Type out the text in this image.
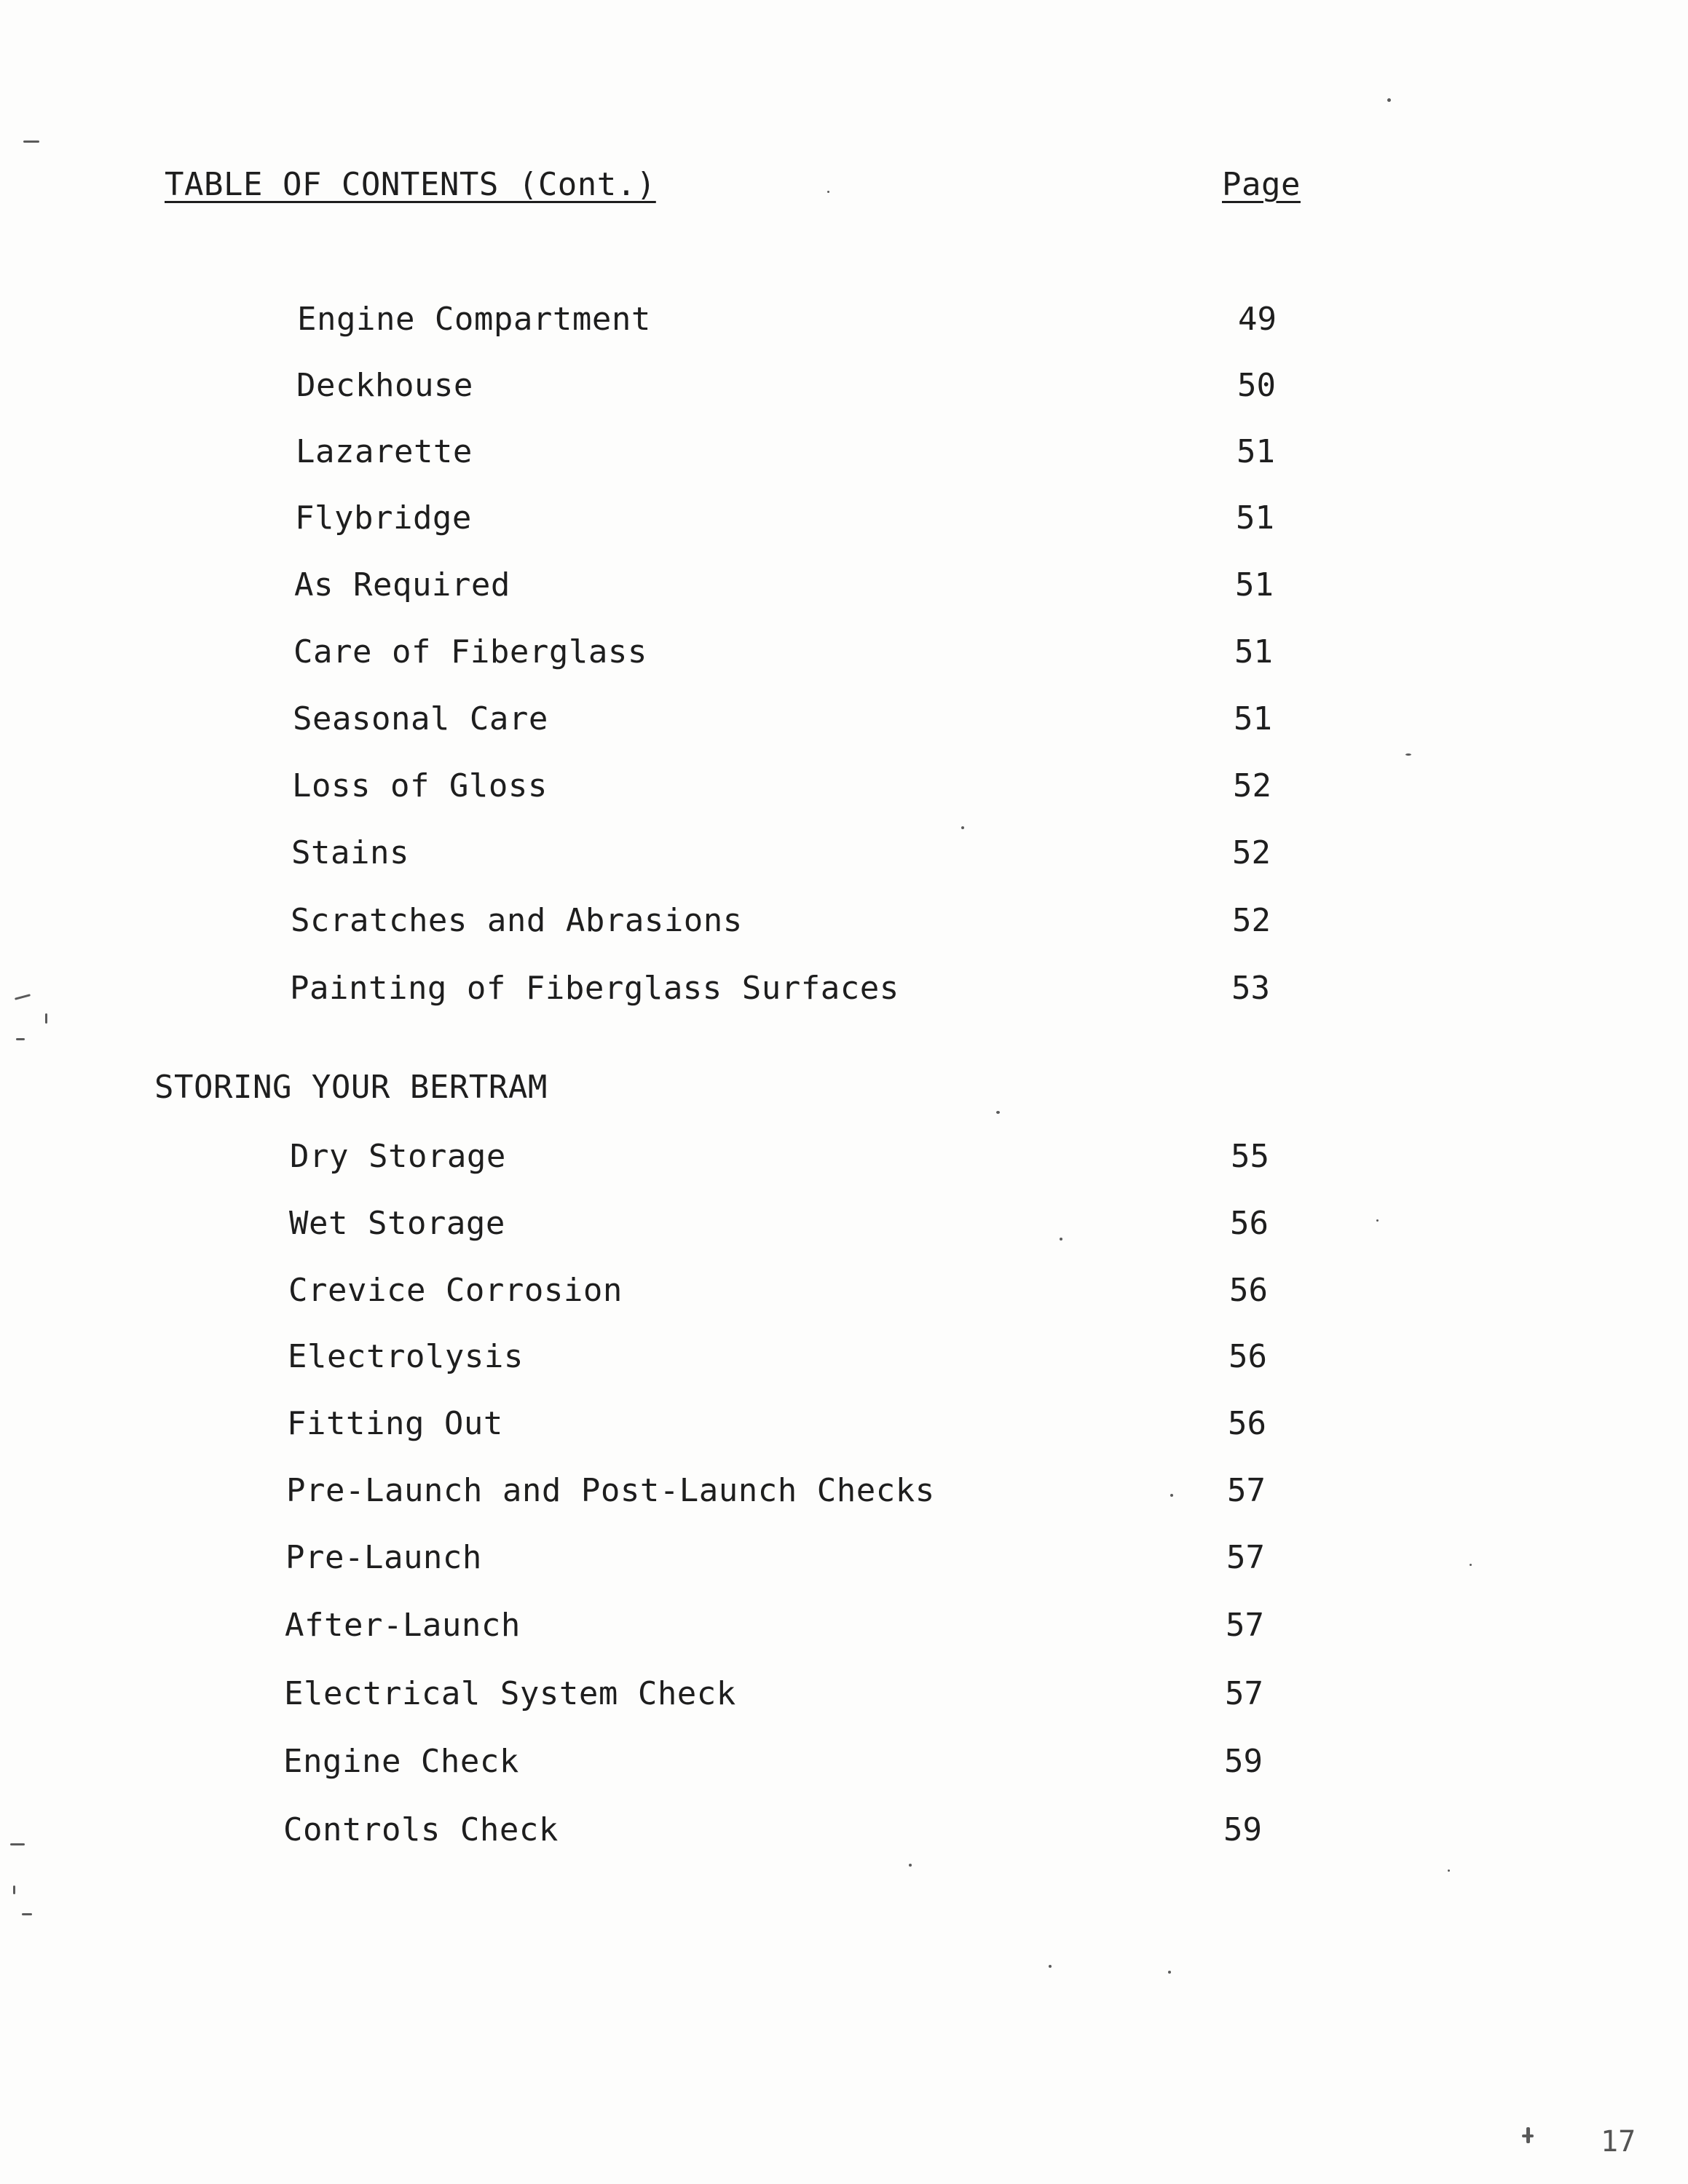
TABLE OF CONTENTS (Cont.)	Page
Engine Compartment	49
Deckhouse	50
Lazarette	51
Flybridge	51
As Required	51
Care of Fiberglass	51
Seasonal Care	51
Loss of Gloss	52
Stains	52
Scratches and Abrasions	52
Painting of Fiberglass Surfaces	53
STORING YOUR BERTRAM
Dry Storage	55
Wet Storage	56
Crevice Corrosion	56
Electrolysis	56
Fitting Out	56
Pre-Launch and Post-Launch Checks	57
Pre-Launch	57
After-Launch	57
Electrical System Check	57
Engine Check	59
Controls Check	59
17
